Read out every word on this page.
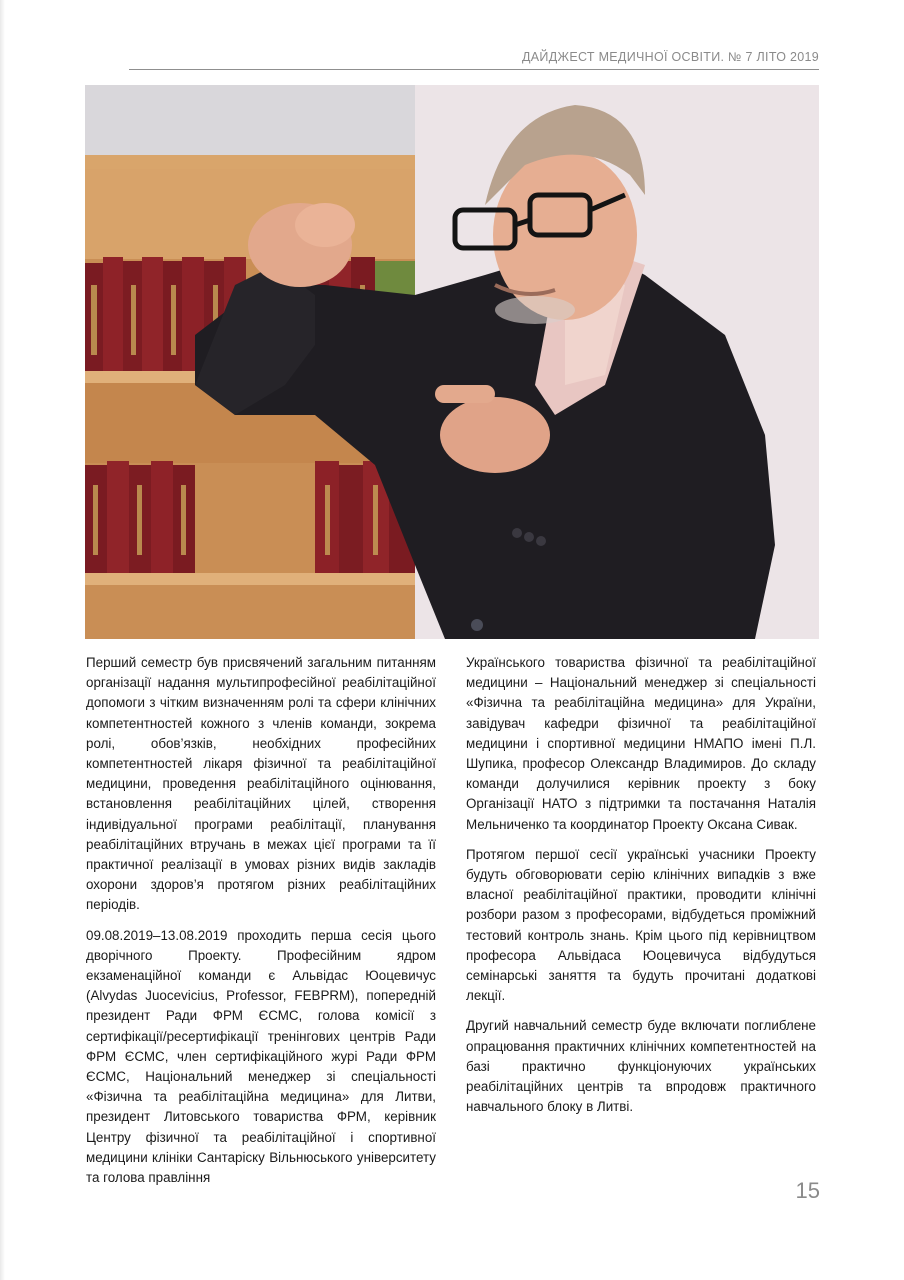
ДАЙДЖЕСТ МЕДИЧНОЇ ОСВІТИ. № 7 ЛІТО 2019

Перший семестр був присвячений загальним питанням організації надання мультипрофесійної реабілітаційної допомоги з чітким визначенням ролі та сфери клінічних компетентностей кожного з членів команди, зокрема ролі, обов’язків, необхідних професійних компетентностей лікаря фізичної та реабілітаційної медицини, проведення реабілітаційного оцінювання, встановлення реабілітаційних цілей, створення індивідуальної програми реабілітації, планування реабілітаційних втручань в межах цієї програми та її практичної реалізації в умовах різних видів закладів охорони здоров’я протягом різних реабілітаційних періодів.

09.08.2019–13.08.2019 проходить перша сесія цього дворічного Проекту. Професійним ядром екзаменаційної команди є Альвідас Юоцевичус (Alvydas Juocevicius, Professor, FEBPRM), попередній президент Ради ФРМ ЄСМС, голова комісії з сертифікації/ресертифікації тренінгових центрів Ради ФРМ ЄСМС, член сертифікаційного журі Ради ФРМ ЄСМС, Національний менеджер зі спеціальності «Фізична та реабілітаційна медицина» для Литви, президент Литовського товариства ФРМ, керівник Центру фізичної та реабілітаційної і спортивної медицини клініки Сантаріску Вільнюського університету та голова правління

Українського товариства фізичної та реабілітаційної медицини – Національний менеджер зі спеціальності «Фізична та реабілітаційна медицина» для України, завідувач кафедри фізичної та реабілітаційної медицини і спортивної медицини НМАПО імені П.Л. Шупика, професор Олександр Владимиров. До складу команди долучилися керівник проекту з боку Організації НАТО з підтримки та постачання Наталія Мельниченко та координатор Проекту Оксана Сивак.

Протягом першої сесії українські учасники Проекту будуть обговорювати серію клінічних випадків з вже власної реабілітаційної практики, проводити клінічні розбори разом з професорами, відбудеться проміжний тестовий контроль знань. Крім цього під керівництвом професора Альвідаса Юоцевичуса відбудуться семінарські заняття та будуть прочитані додаткові лекції.

Другий навчальний семестр буде включати поглиблене опрацювання практичних клінічних компетентностей на базі практично функціонуючих українських реабілітаційних центрів та впродовж практичного навчального блоку в Литві.

15
